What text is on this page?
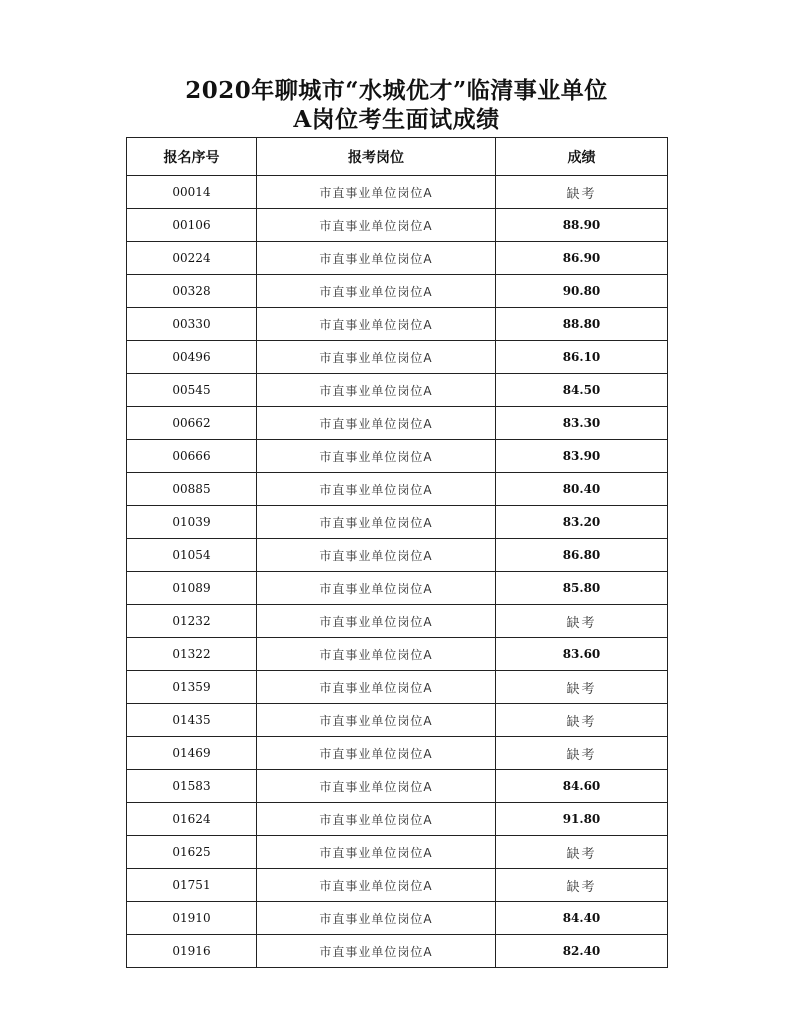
2020年聊城市“水城优才”临清事业单位
A岗位考生面试成绩
报名序号	报考岗位	成绩
00014	市直事业单位岗位A	缺考
00106	市直事业单位岗位A	88.90
00224	市直事业单位岗位A	86.90
00328	市直事业单位岗位A	90.80
00330	市直事业单位岗位A	88.80
00496	市直事业单位岗位A	86.10
00545	市直事业单位岗位A	84.50
00662	市直事业单位岗位A	83.30
00666	市直事业单位岗位A	83.90
00885	市直事业单位岗位A	80.40
01039	市直事业单位岗位A	83.20
01054	市直事业单位岗位A	86.80
01089	市直事业单位岗位A	85.80
01232	市直事业单位岗位A	缺考
01322	市直事业单位岗位A	83.60
01359	市直事业单位岗位A	缺考
01435	市直事业单位岗位A	缺考
01469	市直事业单位岗位A	缺考
01583	市直事业单位岗位A	84.60
01624	市直事业单位岗位A	91.80
01625	市直事业单位岗位A	缺考
01751	市直事业单位岗位A	缺考
01910	市直事业单位岗位A	84.40
01916	市直事业单位岗位A	82.40
